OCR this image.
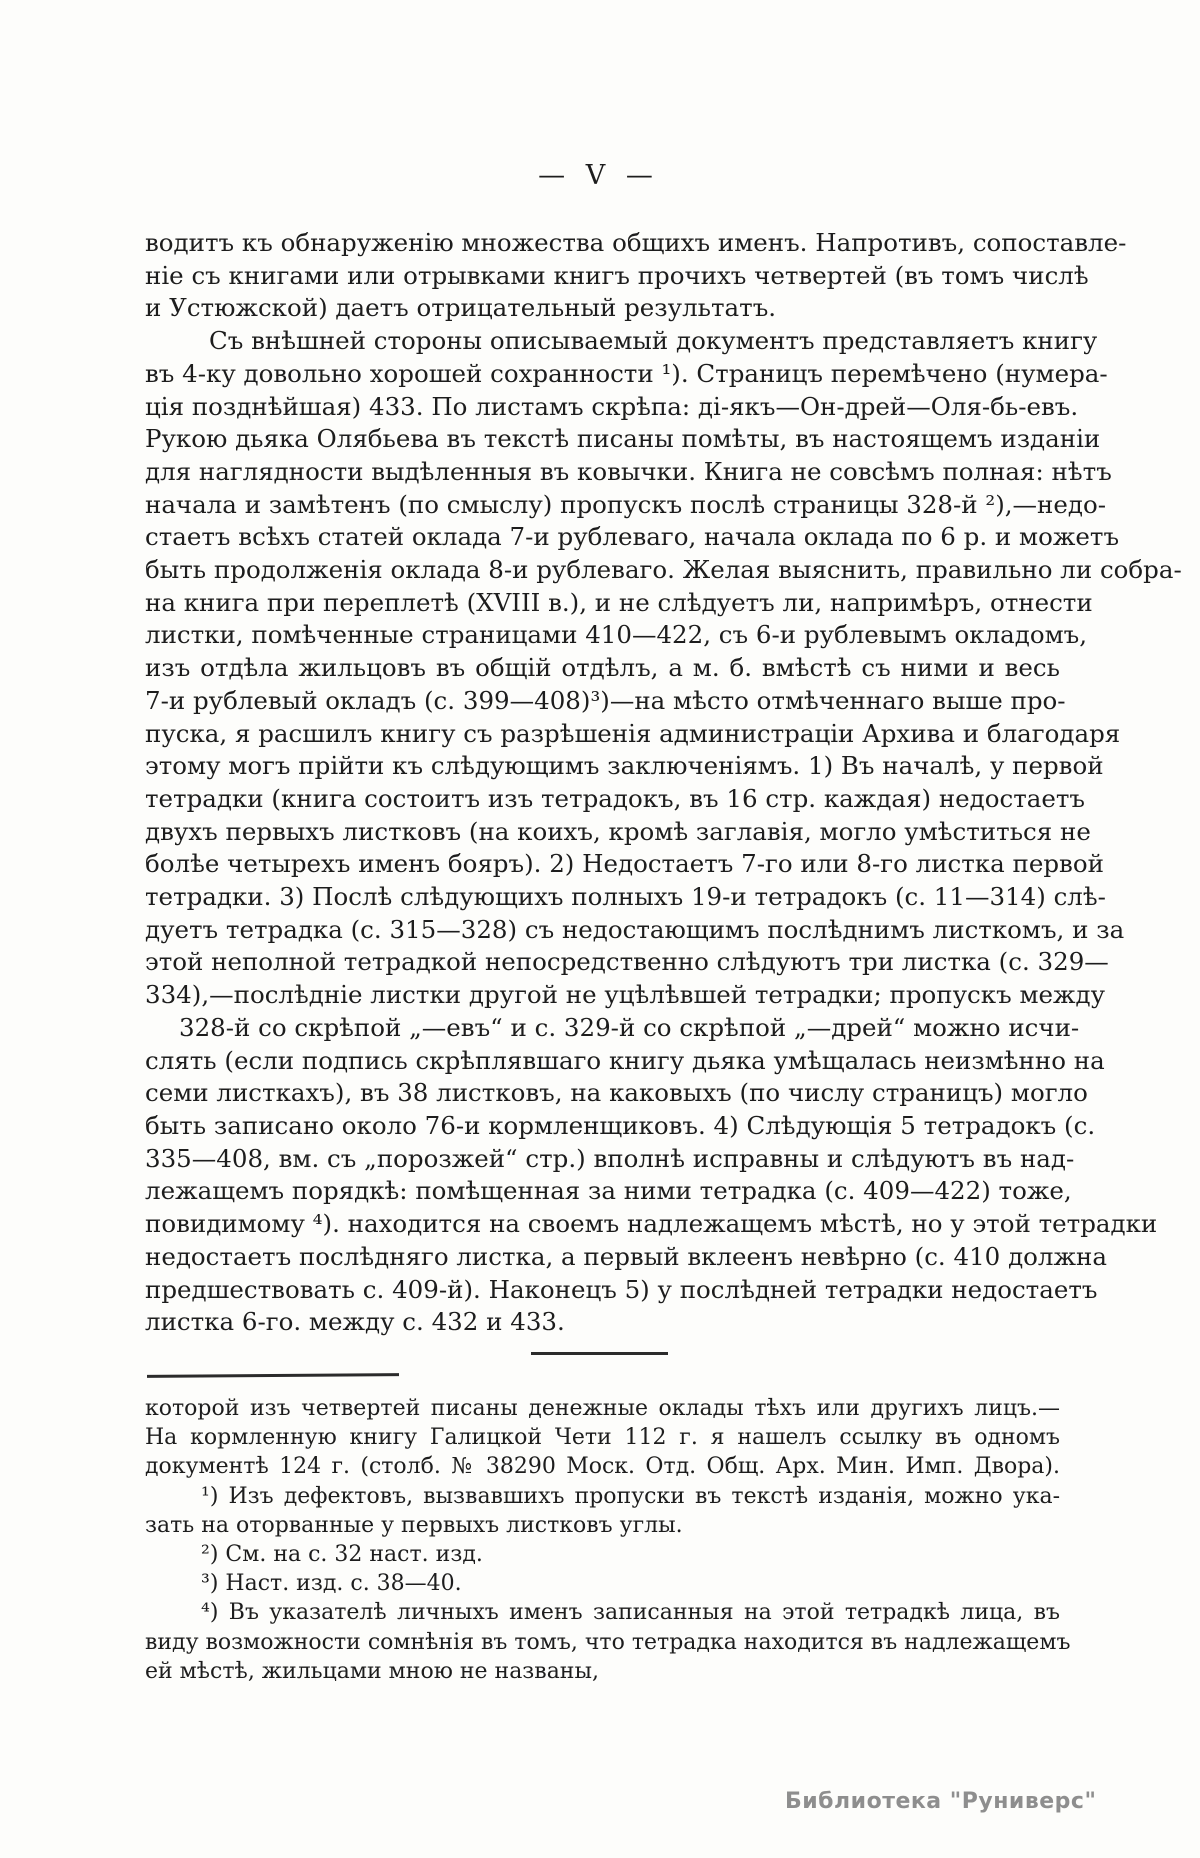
— V —
водитъ къ обнаруженію множества общихъ именъ. Напротивъ, сопоставле-
ніе съ книгами или отрывками книгъ прочихъ четвертей (въ томъ числѣ
и Устюжской) даетъ отрицательный результатъ.
Съ внѣшней стороны описываемый документъ представляетъ книгу
въ 4-ку довольно хорошей сохранности ¹). Страницъ перемѣчено (нумера-
ція позднѣйшая) 433. По листамъ скрѣпа: ді-якъ—Он-дрей—Оля-бь-евъ.
Рукою дьяка Олябьева въ текстѣ писаны помѣты, въ настоящемъ изданіи
для наглядности выдѣленныя въ ковычки. Книга не совсѣмъ полная: нѣтъ
начала и замѣтенъ (по смыслу) пропускъ послѣ страницы 328-й ²),—недо-
стаетъ всѣхъ статей оклада 7-и рублеваго, начала оклада по 6 р. и можетъ
быть продолженія оклада 8-и рублеваго. Желая выяснить, правильно ли собра-
на книга при переплетѣ (XVIII в.), и не слѣдуетъ ли, напримѣръ, отнести
листки, помѣченные страницами 410—422, съ 6-и рублевымъ окладомъ,
изъ отдѣла жильцовъ въ общій отдѣлъ, а м. б. вмѣстѣ съ ними и весь
7-и рублевый окладъ (с. 399—408)³)—на мѣсто отмѣченнаго выше про-
пуска, я расшилъ книгу съ разрѣшенія администраціи Архива и благодаря
этому могъ прійти къ слѣдующимъ заключеніямъ. 1) Въ началѣ, у первой
тетрадки (книга состоитъ изъ тетрадокъ, въ 16 стр. каждая) недостаетъ
двухъ первыхъ листковъ (на коихъ, кромѣ заглавія, могло умѣститься не
болѣе четырехъ именъ бояръ). 2) Недостаетъ 7-го или 8-го листка первой
тетрадки. 3) Послѣ слѣдующихъ полныхъ 19-и тетрадокъ (с. 11—314) слѣ-
дуетъ тетрадка (с. 315—328) съ недостающимъ послѣднимъ листкомъ, и за
этой неполной тетрадкой непосредственно слѣдуютъ три листка (с. 329—
334),—послѣдніе листки другой не уцѣлѣвшей тетрадки; пропускъ между
328-й со скрѣпой „—евъ“ и с. 329-й со скрѣпой „—дрей“ можно исчи-
слять (если подпись скрѣплявшаго книгу дьяка умѣщалась неизмѣнно на
семи листкахъ), въ 38 листковъ, на каковыхъ (по числу страницъ) могло
быть записано около 76-и кормленщиковъ. 4) Слѣдующія 5 тетрадокъ (с.
335—408, вм. съ „порозжей“ стр.) вполнѣ исправны и слѣдуютъ въ над-
лежащемъ порядкѣ: помѣщенная за ними тетрадка (с. 409—422) тоже,
повидимому ⁴). находится на своемъ надлежащемъ мѣстѣ, но у этой тетрадки
недостаетъ послѣдняго листка, а первый вклеенъ невѣрно (с. 410 должна
предшествовать с. 409-й). Наконецъ 5) у послѣдней тетрадки недостаетъ
листка 6-го. между с. 432 и 433.
которой изъ четвертей писаны денежные оклады тѣхъ или другихъ лицъ.—
На кормленную книгу Галицкой Чети 112 г. я нашелъ ссылку въ одномъ
документѣ 124 г. (столб. № 38290 Моск. Отд. Общ. Арх. Мин. Имп. Двора).
¹) Изъ дефектовъ, вызвавшихъ пропуски въ текстѣ изданія, можно ука-
зать на оторванные у первыхъ листковъ углы.
²) См. на с. 32 наст. изд.
³) Наст. изд. с. 38—40.
⁴) Въ указателѣ личныхъ именъ записанныя на этой тетрадкѣ лица, въ
виду возможности сомнѣнія въ томъ, что тетрадка находится въ надлежащемъ
ей мѣстѣ, жильцами мною не названы,
Библиотека "Руниверс"
